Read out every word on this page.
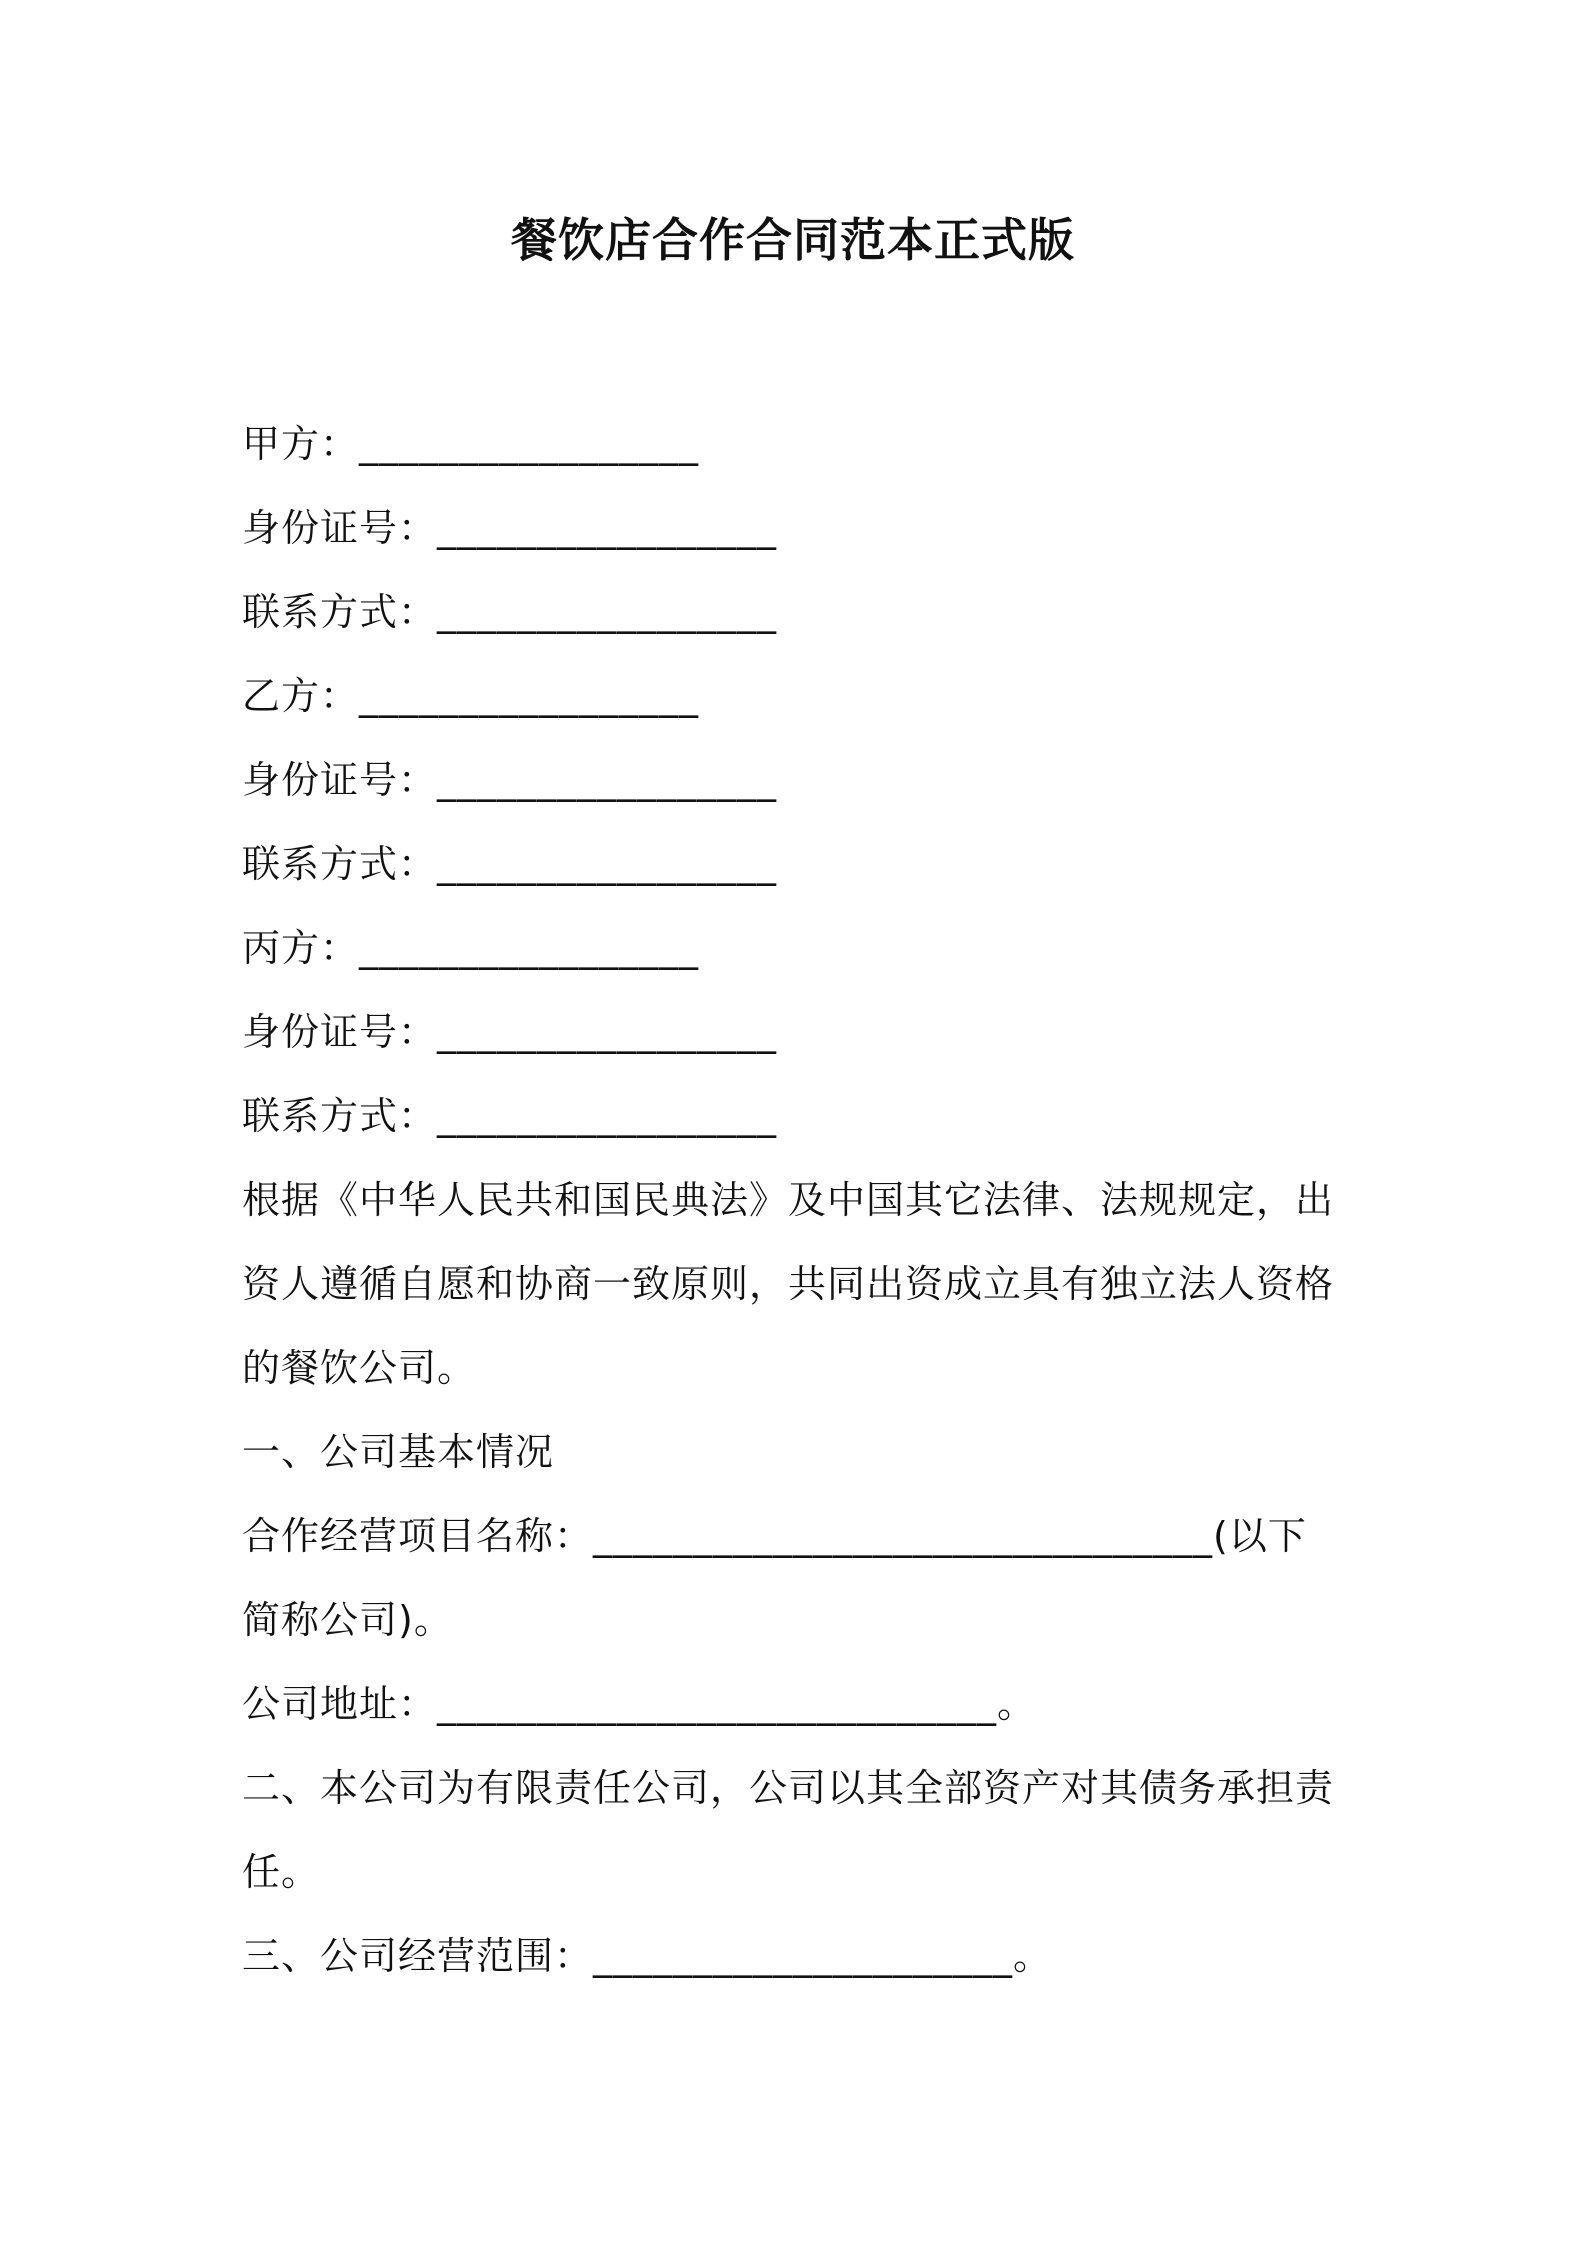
餐饮店合作合同范本正式版
甲方：_________________
身份证号：_________________
联系方式：_________________
乙方：_________________
身份证号：_________________
联系方式：_________________
丙方：_________________
身份证号：_________________
联系方式：_________________
根据《中华人民共和国民典法》及中国其它法律、法规规定，出
资人遵循自愿和协商一致原则，共同出资成立具有独立法人资格
的餐饮公司。
一、公司基本情况
合作经营项目名称：_______________________________(以下
简称公司)。
公司地址：____________________________。
二、本公司为有限责任公司，公司以其全部资产对其债务承担责
任。
三、公司经营范围：_____________________。
